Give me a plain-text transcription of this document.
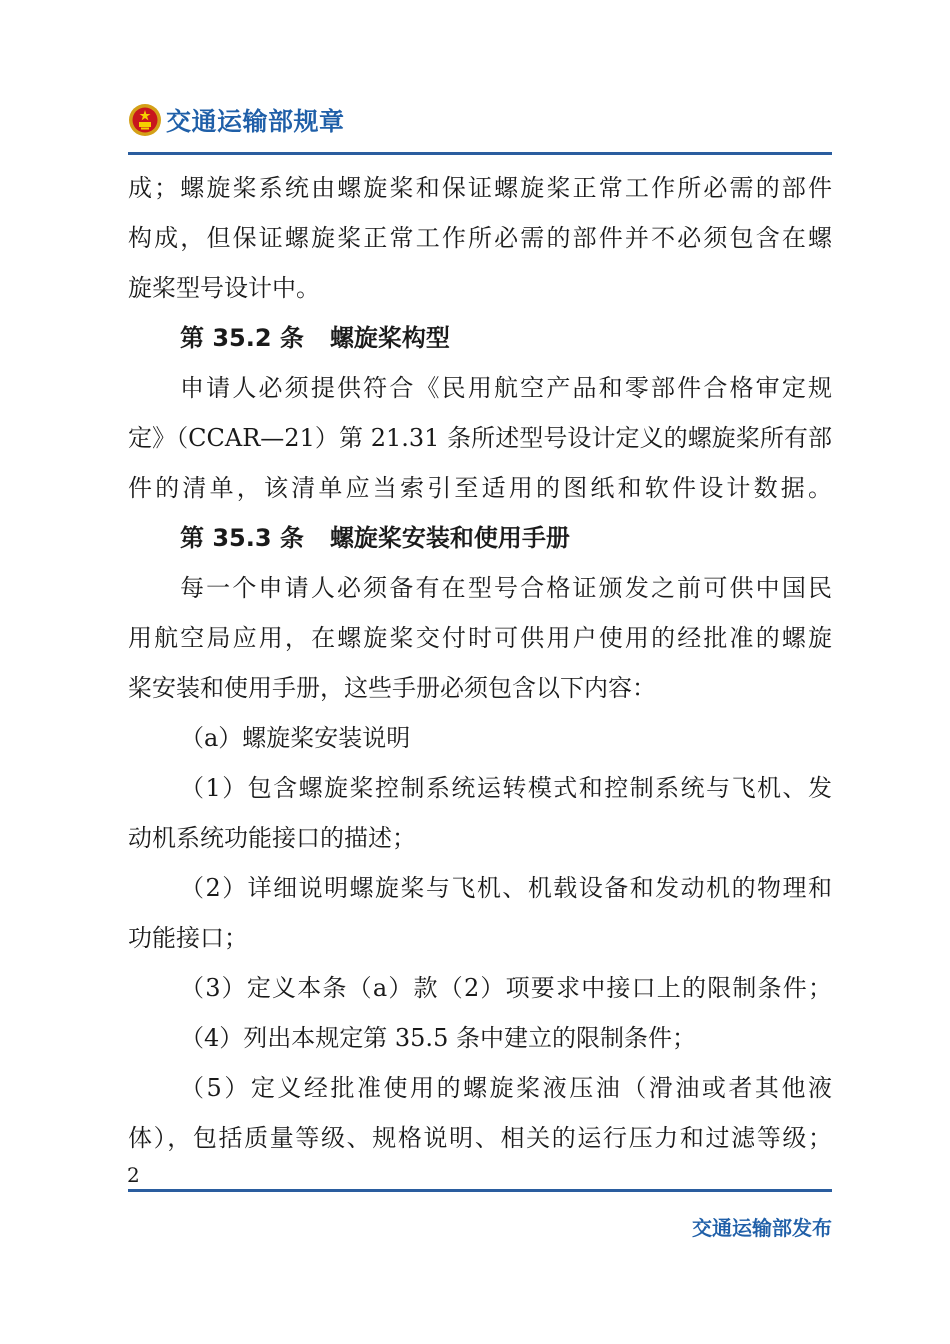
交通运输部规章
成；螺旋桨系统由螺旋桨和保证螺旋桨正常工作所必需的部件
构成，但保证螺旋桨正常工作所必需的部件并不必须包含在螺
旋桨型号设计中。
第 35.2 条 螺旋桨构型
申请人必须提供符合《民用航空产品和零部件合格审定规
定》（CCAR—21）第 21.31 条所述型号设计定义的螺旋桨所有部
件的清单，该清单应当索引至适用的图纸和软件设计数据。
第 35.3 条 螺旋桨安装和使用手册
每一个申请人必须备有在型号合格证颁发之前可供中国民
用航空局应用，在螺旋桨交付时可供用户使用的经批准的螺旋
桨安装和使用手册，这些手册必须包含以下内容：
（a）螺旋桨安装说明
（1）包含螺旋桨控制系统运转模式和控制系统与飞机、发
动机系统功能接口的描述；
（2）详细说明螺旋桨与飞机、机载设备和发动机的物理和
功能接口；
（3）定义本条（a）款（2）项要求中接口上的限制条件；
（4）列出本规定第 35.5 条中建立的限制条件；
（5）定义经批准使用的螺旋桨液压油（滑油或者其他液
体），包括质量等级、规格说明、相关的运行压力和过滤等级；
2
交通运输部发布
